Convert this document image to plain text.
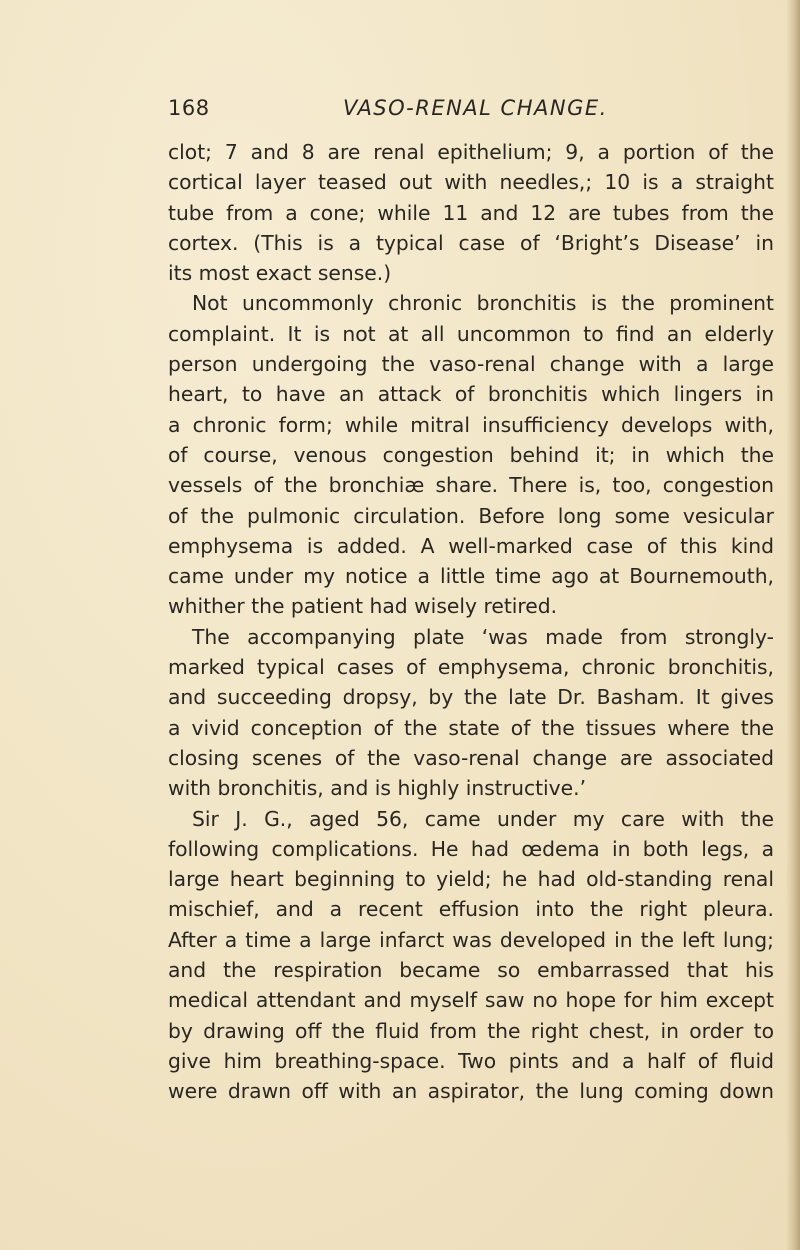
168	VASO-RENAL CHANGE.
clot; 7 and 8 are renal epithelium; 9, a portion of the
cortical layer teased out with needles,; 10 is a straight
tube from a cone; while 11 and 12 are tubes from the
cortex. (This is a typical case of ‘Bright’s Disease’ in
its most exact sense.)
Not uncommonly chronic bronchitis is the prominent
complaint. It is not at all uncommon to find an elderly
person undergoing the vaso-renal change with a large
heart, to have an attack of bronchitis which lingers in
a chronic form; while mitral insufficiency develops with,
of course, venous congestion behind it; in which the
vessels of the bronchiæ share. There is, too, congestion
of the pulmonic circulation. Before long some vesicular
emphysema is added. A well-marked case of this kind
came under my notice a little time ago at Bournemouth,
whither the patient had wisely retired.
The accompanying plate ‘was made from strongly-
marked typical cases of emphysema, chronic bronchitis,
and succeeding dropsy, by the late Dr. Basham. It gives
a vivid conception of the state of the tissues where the
closing scenes of the vaso-renal change are associated
with bronchitis, and is highly instructive.’
Sir J. G., aged 56, came under my care with the
following complications. He had œdema in both legs, a
large heart beginning to yield; he had old-standing renal
mischief, and a recent effusion into the right pleura.
After a time a large infarct was developed in the left lung;
and the respiration became so embarrassed that his
medical attendant and myself saw no hope for him except
by drawing off the fluid from the right chest, in order to
give him breathing-space. Two pints and a half of fluid
were drawn off with an aspirator, the lung coming down
